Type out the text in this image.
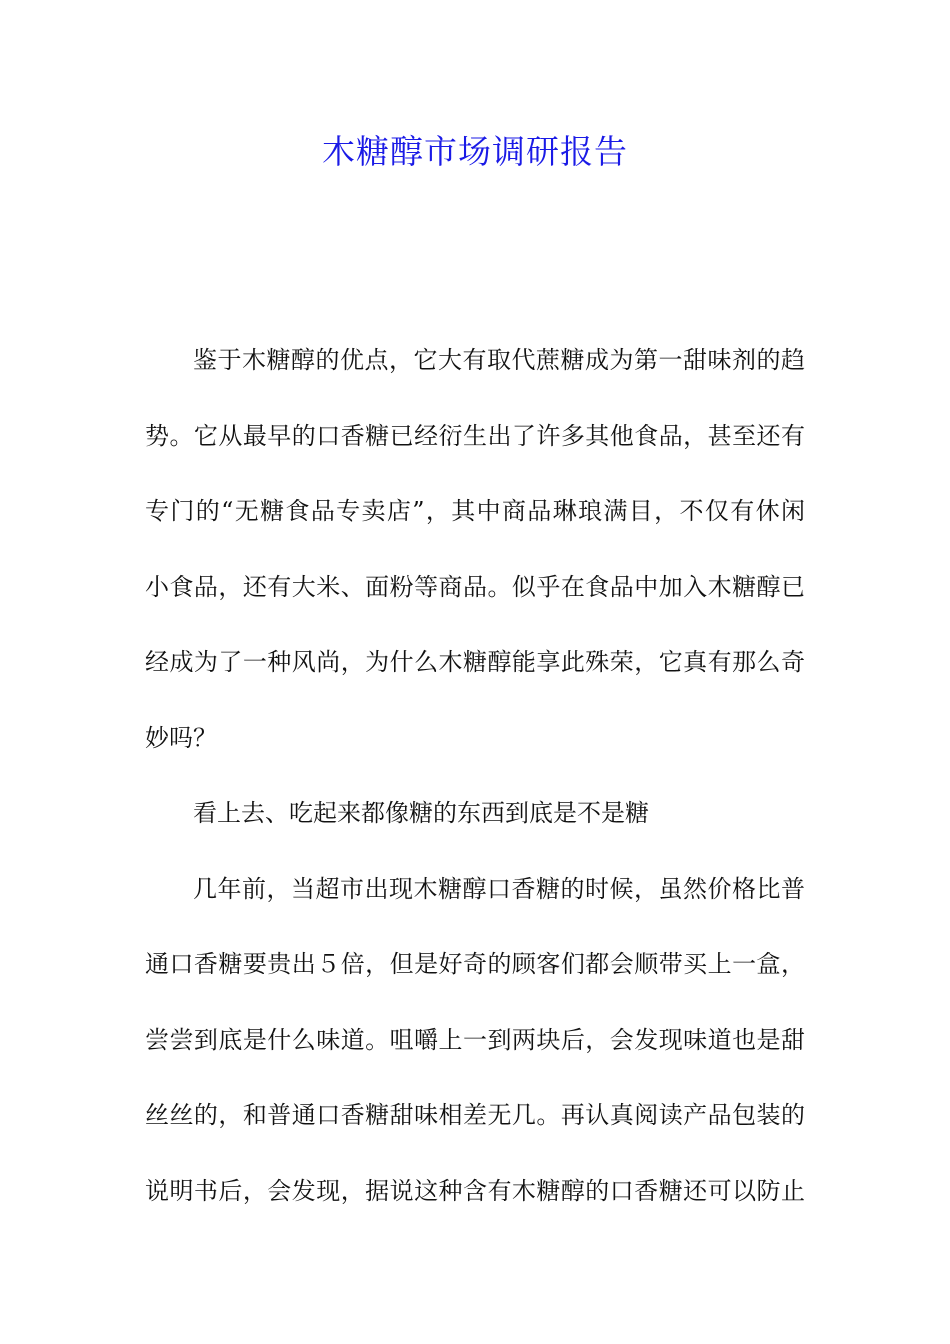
木糖醇市场调研报告
鉴于木糖醇的优点，它大有取代蔗糖成为第一甜味剂的趋
势。它从最早的口香糖已经衍生出了许多其他食品，甚至还有
专门的“无糖食品专卖店”，其中商品琳琅满目，不仅有休闲
小食品，还有大米、面粉等商品。似乎在食品中加入木糖醇已
经成为了一种风尚，为什么木糖醇能享此殊荣，它真有那么奇
妙吗？
看上去、吃起来都像糖的东西到底是不是糖
几年前，当超市出现木糖醇口香糖的时候，虽然价格比普
通口香糖要贵出５倍，但是好奇的顾客们都会顺带买上一盒，
尝尝到底是什么味道。咀嚼上一到两块后，会发现味道也是甜
丝丝的，和普通口香糖甜味相差无几。再认真阅读产品包装的
说明书后，会发现，据说这种含有木糖醇的口香糖还可以防止
